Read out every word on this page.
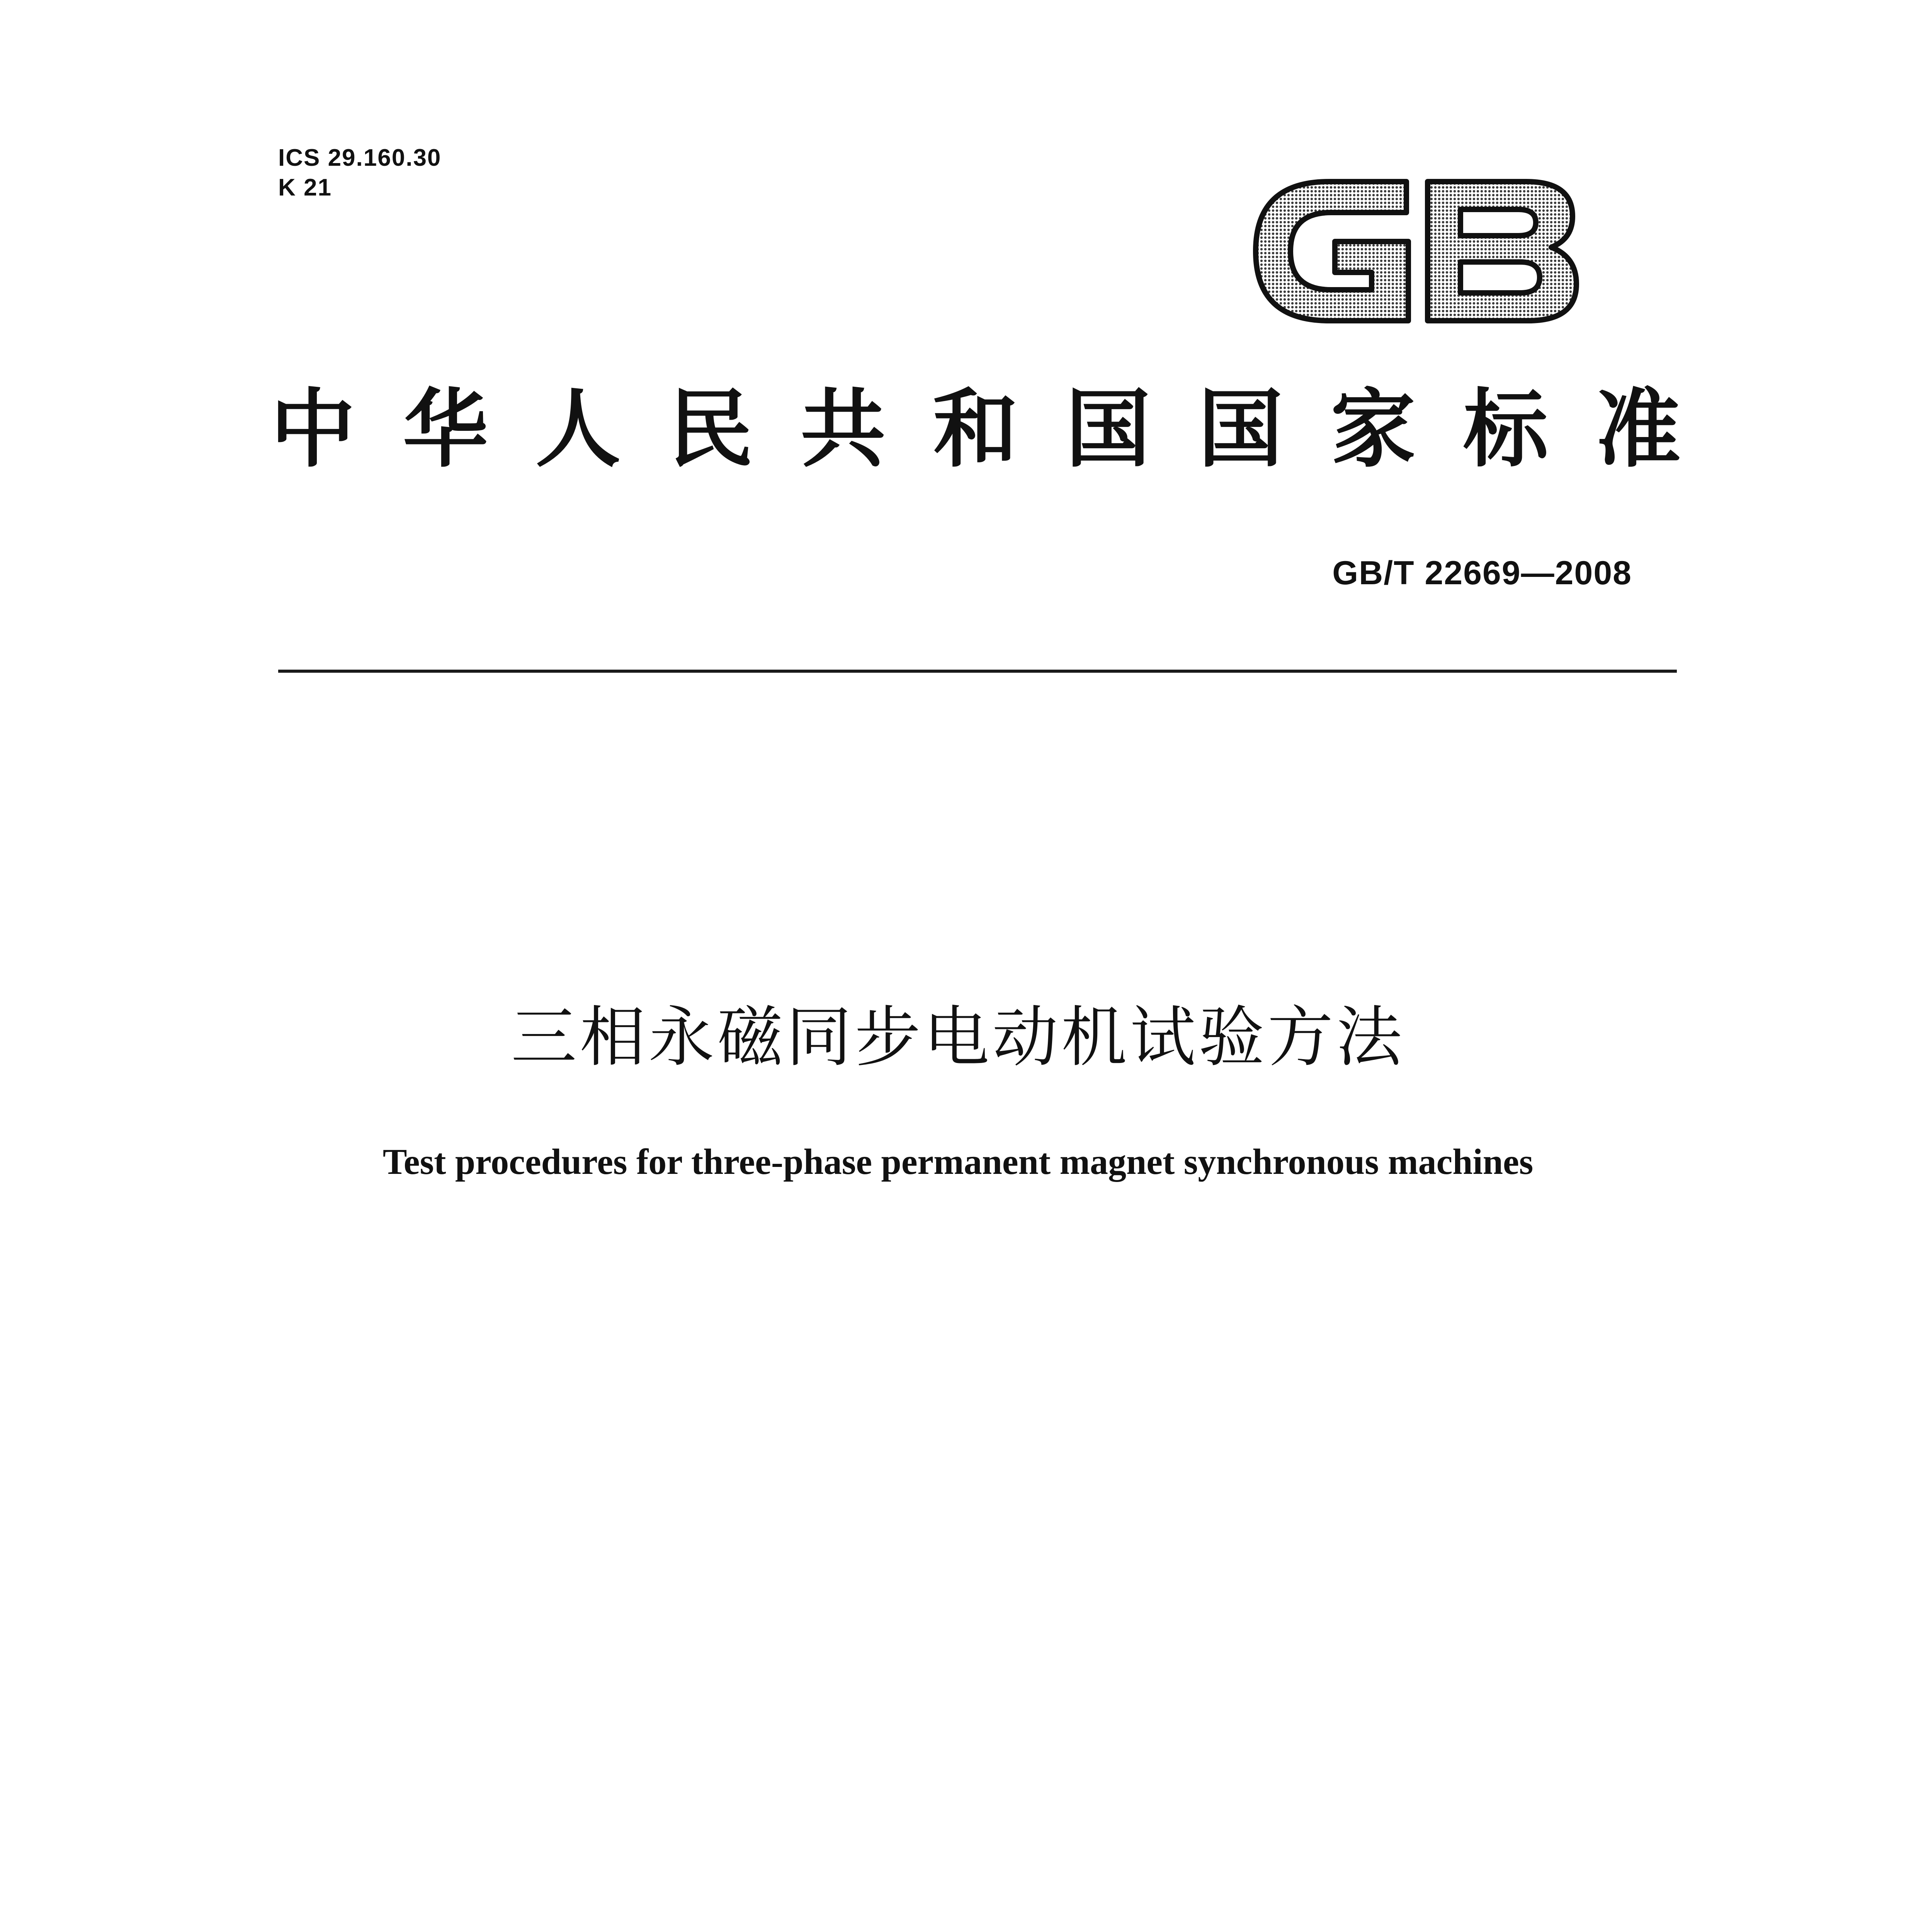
ICS 29.160.30
K 21
中华人民共和国国家标准
GB/T 22669—2008
三相永磁同步电动机试验方法
Test procedures for three-phase permanent magnet synchronous machines
